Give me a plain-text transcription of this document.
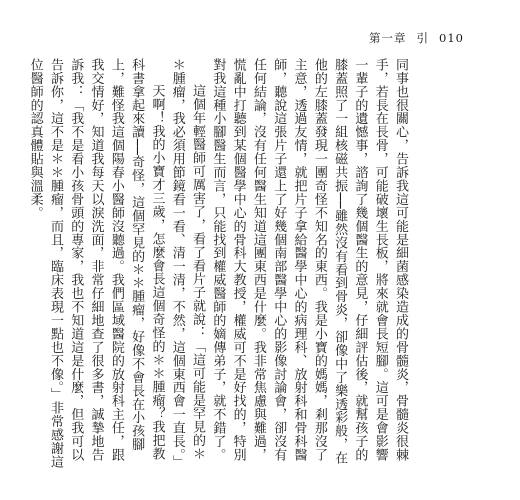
第一章 引 010

同事也很關心，告訴我這可能是細菌感染造成的骨髓炎，骨髓炎很棘手，若長在長骨，可能破壞生長板，將來就會長短腳。這可是會影響一輩子的遺憾事，諮詢了幾個醫生的意見，仔細評估後，就幫孩子的膝蓋照了一組核磁共振──雖然沒有看到骨炎，卻像中了樂透彩般，在他的左膝蓋發現一團奇怪不知名的東西。我是小寶的媽媽，剎那沒了主意，透過友情，就把片子拿給醫學中心的病理科、放射科和骨科醫師，聽說這張片子還上了好幾個南部醫學中心的影像討論會，卻沒有任何結論，沒有任何醫生知道這團東西是什麼。我非常焦慮與難過，慌亂中打聽到某個醫學中心的骨科大教授，權威可不是好找的，特別對我這種小腳醫生而言，只能找到權威醫師的嫡傳弟子，就不錯了。

這個年輕醫師可厲害了，看了看片子就說：「這可能是罕見的＊＊腫瘤，我必須用節鏡看一看、清一清，不然，這個東西會一直長。」

天啊！我的小寶才三歲，怎麼會長這個奇怪的＊＊腫瘤？我把教科書拿起來讀──奇怪，這個罕見的＊＊腫瘤，好像不會長在小孩腳上，難怪我這個陽春小醫師沒聽過。我們區域醫院的放射科主任，跟我交情好，知道我每天以淚洗面，非常仔細地查了很多書，誠摯地告訴我：「我不是看小孩骨頭的專家，我也不知道這是什麼，但我可以告訴你，這不是＊＊腫瘤，而且，臨床表現一點也不像。」非常感謝這位醫師的認真體貼與溫柔。
